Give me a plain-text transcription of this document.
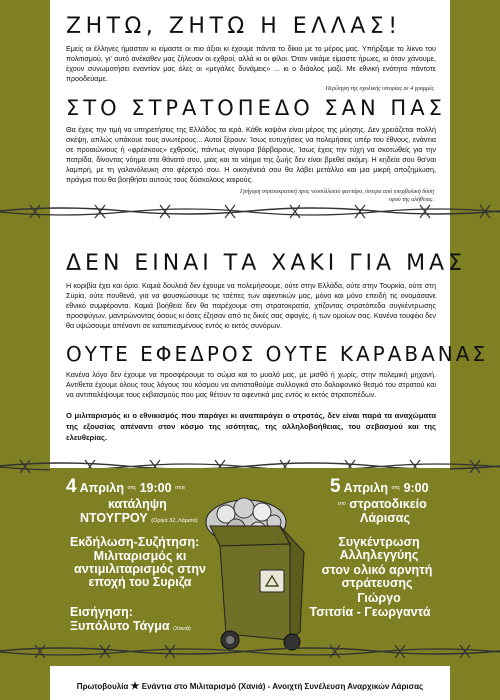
ΖΗΤΩ, ΖΗΤΩ Η ΕΛΛΑΣ!
Εμείς οι έλληνες ήμασταν κι είμαστε οι πιο άξιοι κι έχουμε πάντα το δίκιο με το μέρος μας. Υπήρξαμε το λίκνο του πολιτισμού, γι' αυτό ανέκαθεν μας ζήλευαν οι εχθροί, αλλά κι οι φίλοι. Όταν νικάμε είμαστε ήρωες, κι όταν χάνουμε, έχουν συνωμοτήσει εναντίον μας όλες οι «μεγάλες δυνάμεις» ... κι ο διάολος μαζί. Με εθνική ενότητα πάντοτε προοδεύαμε.
Περίληψη της σχολικής ιστορίας σε 4 γραμμές
ΣΤΟ ΣΤΡΑΤΟΠΕΔΟ ΣΑΝ ΠΑΣ
Θα έχεις την τιμή να υπηρετήσεις της Ελλάδος τα ιερά. Κάθε καψόνι είναι μέρος της μύησης. Δεν χρειάζεται πολλή σκέψη, απλώς υπάκουε τους ανωτέρους... Αυτοί ξέρουν. Ίσως ευτυχήσεις να πολεμήσεις υπέρ του έθνους, ενάντια σε προαιώνιους ή «φρέσκους» εχθρούς, πάντως σίγουρα βάρβαρους. Ίσως έχεις την τύχη να σκοτωθείς για την πατρίδα, δίνοντας νόημα στο θάνατό σου, μιας και το νόημα της ζωής δεν είναι βρεθεί ακόμη. Η κηδεία σου θα'ναι λαμπρή, με τη γαλανόλευκη στο φέρετρό σου. Η οικογένειά σου θα λάβει μετάλλιο και μια μικρή αποζημίωση, πράγμα που θα βοηθήσει αυτούς τους δύσκολους καιρούς.
Γρήγορη στρατοκρατική προς νεοσύλλεκτο φαντάρο, ύστερα από υπερβολική δόση ορού της αλήθειας.
ΔΕΝ ΕΙΝΑΙ ΤΑ ΧΑΚΙ ΓΙΑ ΜΑΣ
Η κοριβία έχει και όριο. Καμιά δουλειά δεν έχουμε να πολεμήσουμε, ούτε στην Ελλάδα, ούτε στην Τουρκία, ούτε στη Συρία, ούτε πουθενά, για να φουσκώσουμε τις τσέπες των αφεντικών μας, μόνο και μόνο επειδή τις ονομάσανε εθνικό συμφέροντα. Καμιά βοήθεια δεν θα παρέχουμε στη στρατοκρατία, χτίζοντας στρατόπεδα συγκέντρωσης προσφύγων, μαντρώνοντας όσους κι όσες έζησαν από τις δικές σας σφαγές, ή των ομοίων σας. Κανένα τουφέκι δεν θα υψώσουμε απέναντι σε καταπιεσμένους εντός κι εκτός συνόρων.
ΟΥΤΕ ΕΦΕΔΡΟΣ ΟΥΤΕ ΚΑΡΑΒΑΝΑΣ
Κανένα λόγο δεν έχουμε να προσφέρουμε το σώμα και το μυαλό μας, με μισθό ή χωρίς, στην πολεμική μηχανή. Αντίθετα έχουμε όλους τους λόγους του κόσμου να αντισταθούμε συλλογικά στο δολοφονικό θεσμό του στρατού και να αντιπαλέψουμε τους εκβιασμούς που μας θέτουν τα αφεντικά μας εντός κι εκτός στρατοπέδων.
Ο μιλιταρισμός κι ο εθνικισμός που παράγει κι αναπαράγει ο στρατός, δεν είναι παρά τα αναχώματα της εξουσίας απέναντι στον κόσμο της ισότητας, της αλληλοβοήθειας, του σεβασμού και της ελευθερίας.
4 Απριλη στις 19:00 στην
κατάληψη
ΝΤΟΥΓΡΟΥ (Ορίγα 32, Λάρισα)
Εκδήλωση-Συζήτηση:
Μιλιταρισμός κι αντιμιλιταρισμός στην εποχή του Συριζα
Εισήγηση:
Ξυπόλυτο Τάγμα (Χανιά)
5 Απριλη στις 9:00
στο στρατοδικείο
Λάρισας
Συγκέντρωση Αλληλεγγύης
στον ολικό αρνητή στράτευσης
Γιώργο
Τσιτσία - Γεωργαντά
Πρωτοβουλία ★ Ενάντια στο Μιλιταρισμό (Χανιά) - Ανοιχτή Συνέλευση Αναρχικών Λάρισας
